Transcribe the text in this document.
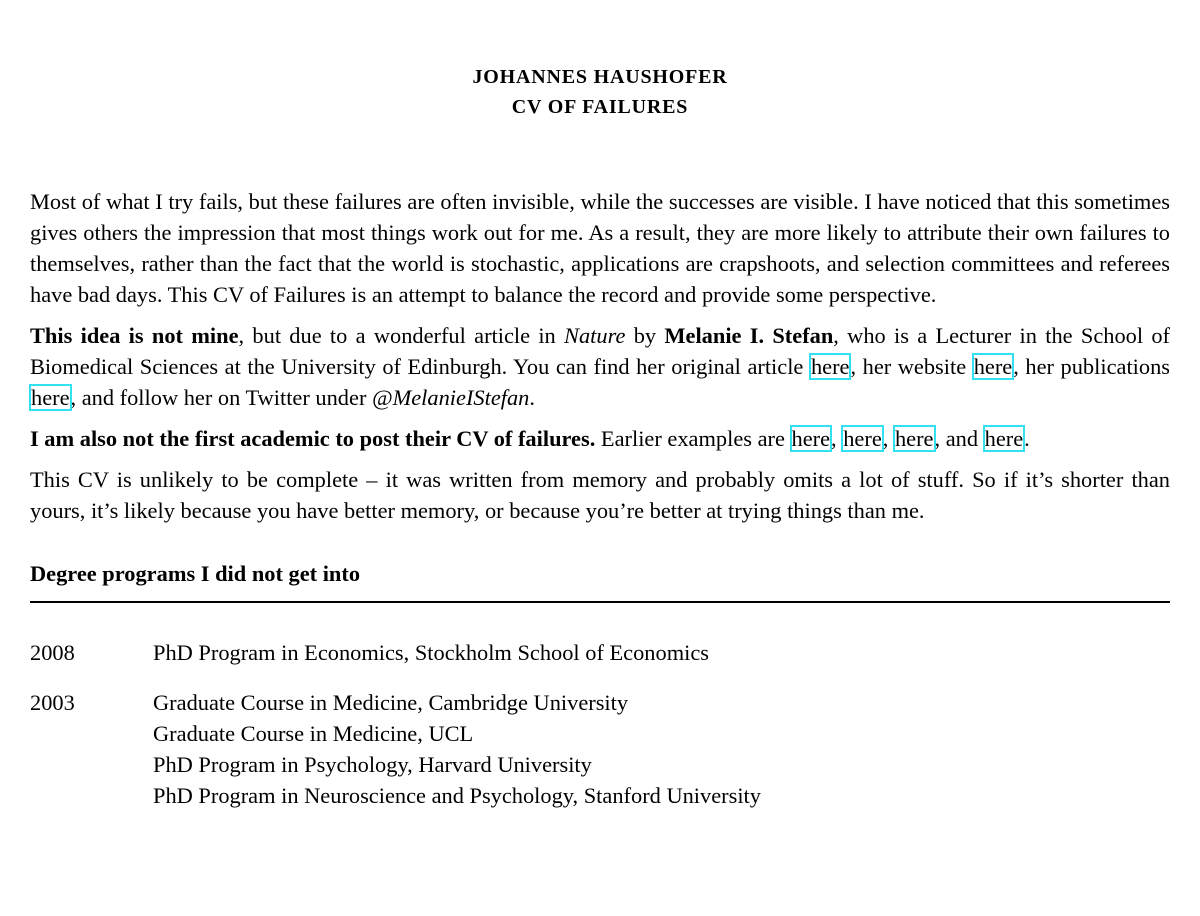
JOHANNES HAUSHOFER
CV OF FAILURES

Most of what I try fails, but these failures are often invisible, while the successes are visible. I have noticed that this sometimes gives others the impression that most things work out for me. As a result, they are more likely to attribute their own failures to themselves, rather than the fact that the world is stochastic, applications are crapshoots, and selection committees and referees have bad days. This CV of Failures is an attempt to balance the record and provide some perspective.

This idea is not mine, but due to a wonderful article in Nature by Melanie I. Stefan, who is a Lecturer in the School of Biomedical Sciences at the University of Edinburgh. You can find her original article here, her website here, her publications here, and follow her on Twitter under @MelanieIStefan.

I am also not the first academic to post their CV of failures. Earlier examples are here, here, here, and here.

This CV is unlikely to be complete – it was written from memory and probably omits a lot of stuff. So if it’s shorter than yours, it’s likely because you have better memory, or because you’re better at trying things than me.

Degree programs I did not get into
2008	PhD Program in Economics, Stockholm School of Economics
2003	Graduate Course in Medicine, Cambridge University
Graduate Course in Medicine, UCL
PhD Program in Psychology, Harvard University
PhD Program in Neuroscience and Psychology, Stanford University
